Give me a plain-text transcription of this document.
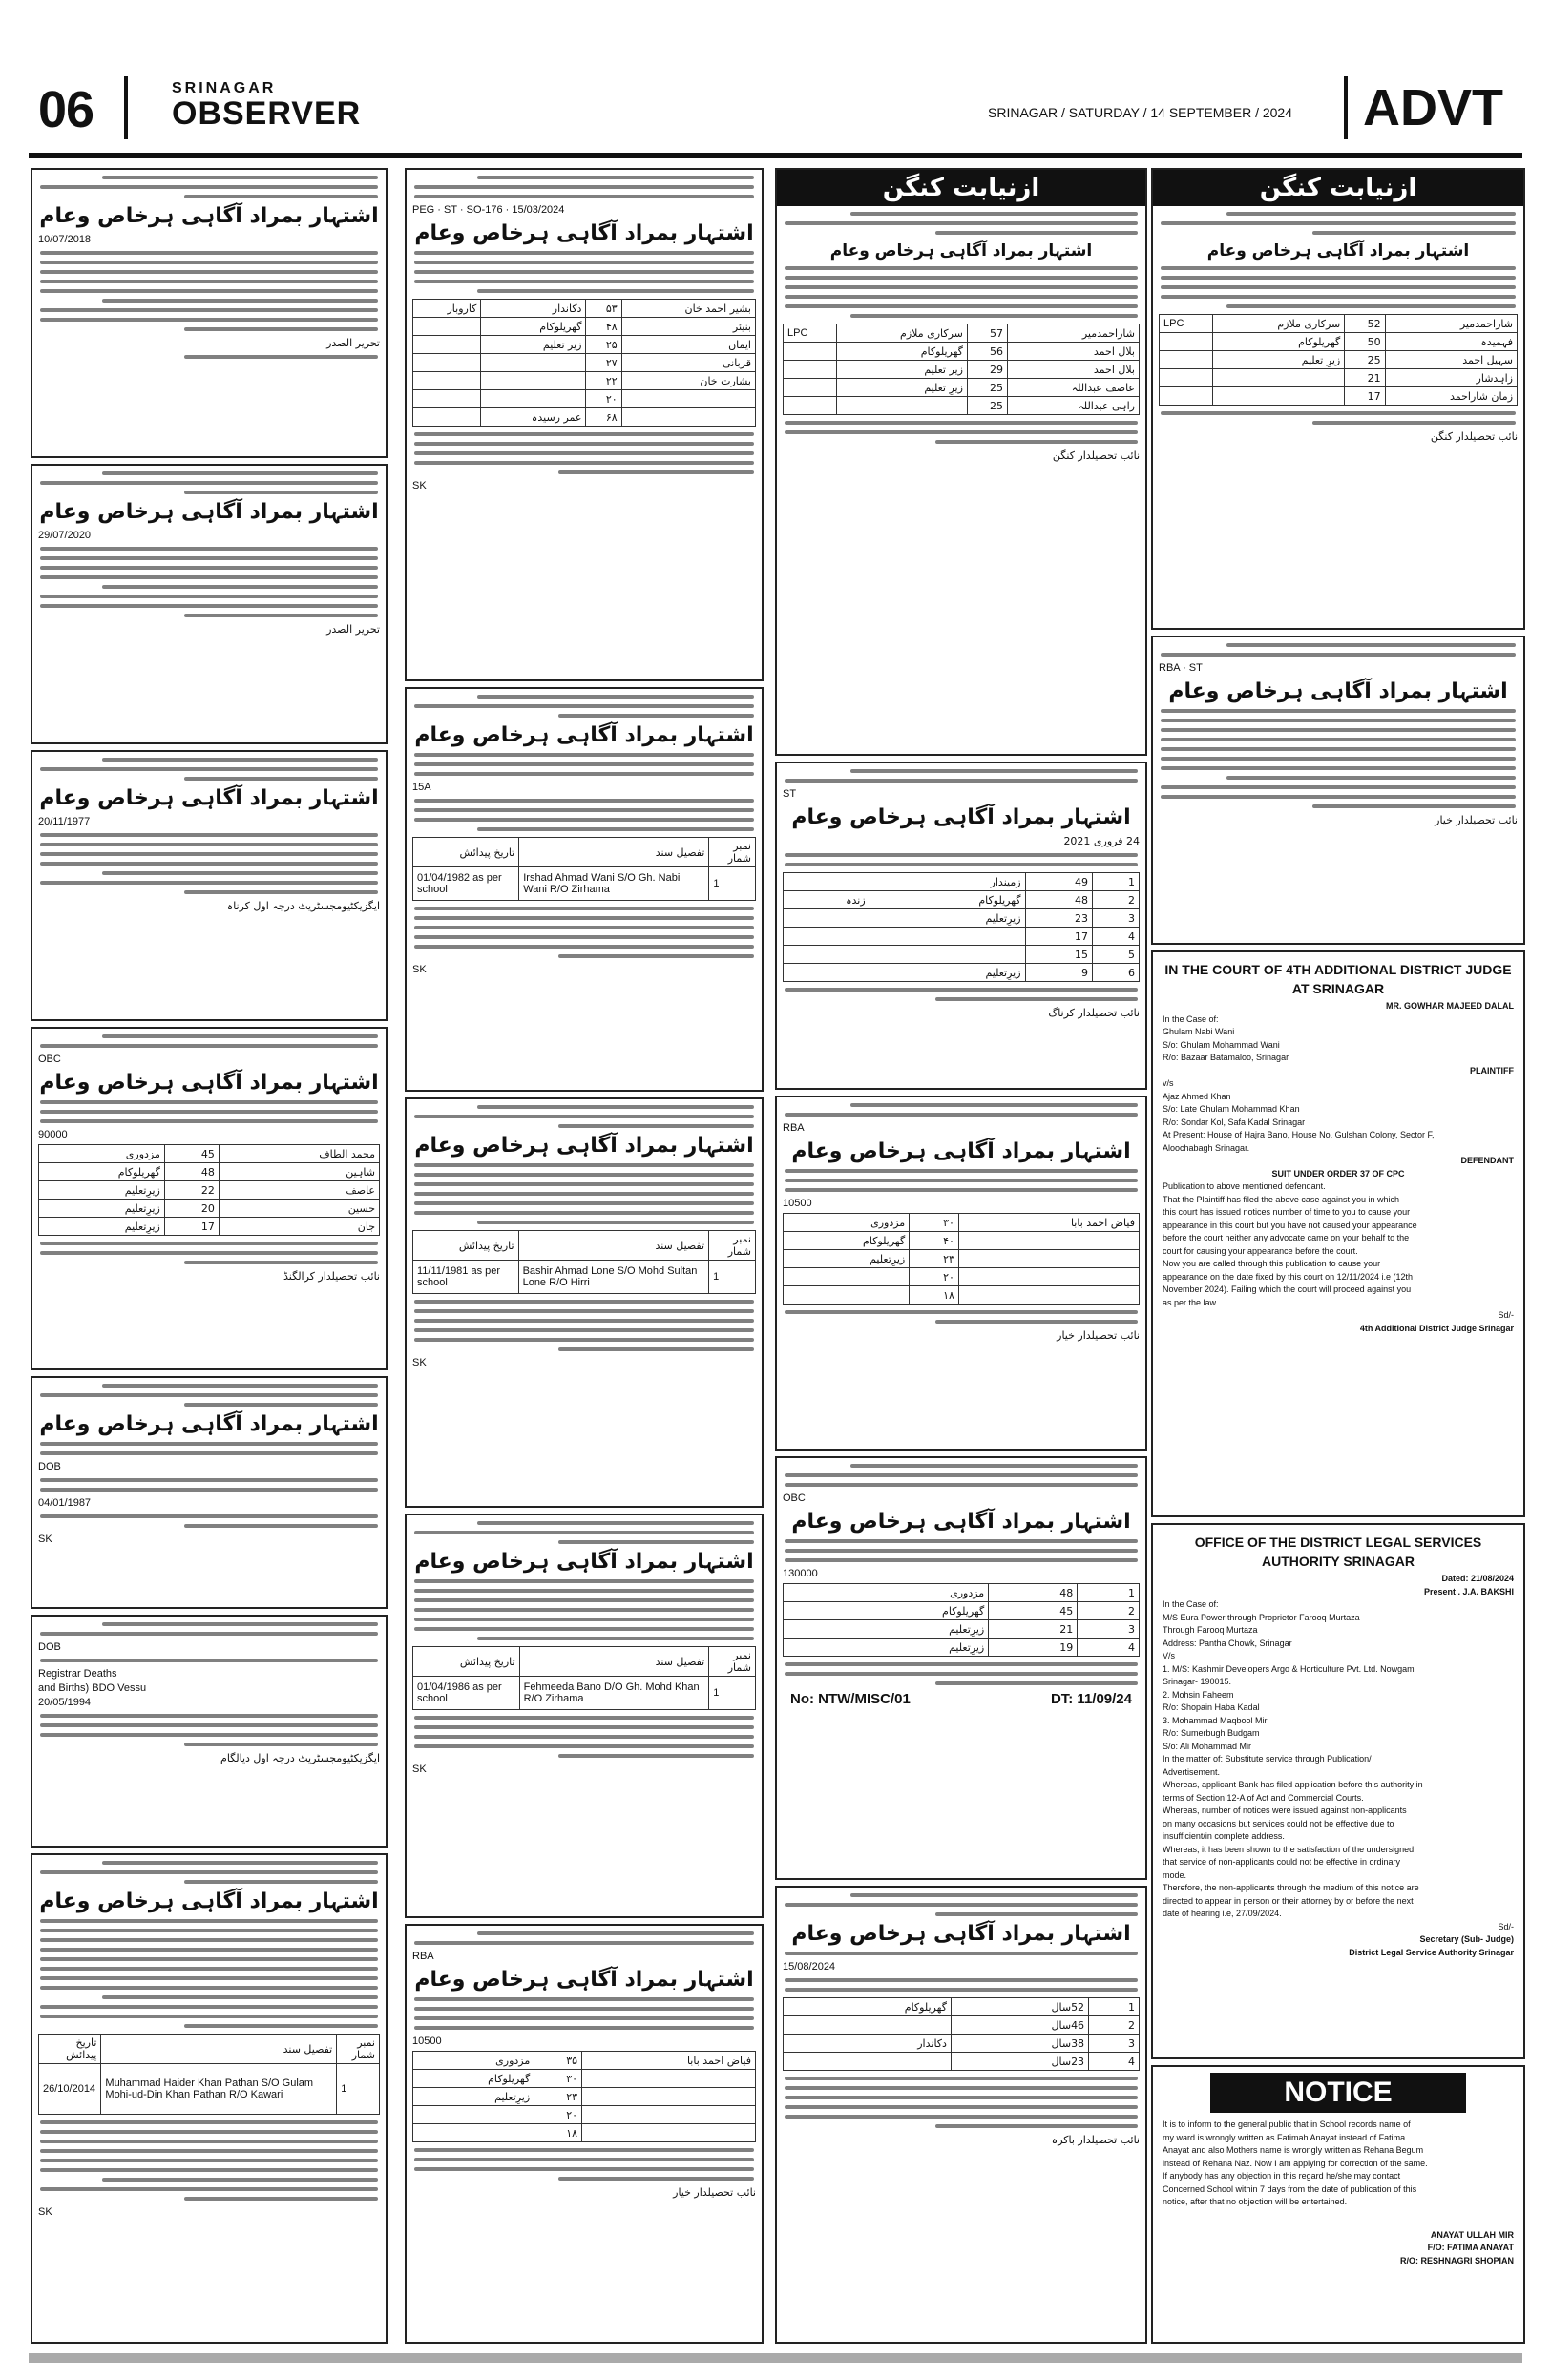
06	SRINAGAR
OBSERVER	SRINAGAR / SATURDAY / 14 SEPTEMBER / 2024 ADVT
اشتہار بمراد آگاہی ہرخاص وعام
10/07/2018
تحریر الصدر
اشتہار بمراد آگاہی ہرخاص وعام
29/07/2020
تحریر الصدر
اشتہار بمراد آگاہی ہرخاص وعام
20/11/1977
ایگزیکٹیومجسٹریٹ درجہ اول کرناہ
OBC
اشتہار بمراد آگاہی ہرخاص وعام
90000
محمد الطاف	45	مزدوری
شاہین	48	گھریلوکام
عاصف	22	زیرِتعلیم
حسین	20	زیرِتعلیم
جان	17	زیرِتعلیم
نائب تحصیلدار کرالگنڈ
اشتہار بمراد آگاہی ہرخاص وعام
DOB
04/01/1987
SK
DOB
Registrar Deaths
and Births) BDO Vessu
20/05/1994
ایگزیکٹیومجسٹریٹ درجہ اول دیالگام
اشتہار بمراد آگاہی ہرخاص وعام
تاریخ پیدائش	تفصیل سند	نمبر شمار
26/10/2014	Muhammad Haider Khan Pathan S/O Gulam Mohi-ud-Din Khan Pathan R/O Kawari	1
SK
PEG · ST · SO-176 · 15/03/2024
اشتہار بمراد آگاہی ہرخاص وعام
بشیر احمد خان	۵۳	دکاندار	کاروبار
بنیئر	۴۸	گھریلوکام	
ایمان	۲۵	زیر تعلیم	
قربانی	۲۷		
بشارت خان	۲۲		
	۲۰		
	۶۸	عمر رسیدہ	
SK
اشتہار بمراد آگاہی ہرخاص وعام
15A
تاریخ پیدائش	تفصیل سند	نمبر شمار
01/04/1982 as per school	Irshad Ahmad Wani S/O Gh. Nabi Wani R/O Zirhama	1
SK
اشتہار بمراد آگاہی ہرخاص وعام
تاریخ پیدائش	تفصیل سند	نمبر شمار
11/11/1981 as per school	Bashir Ahmad Lone S/O Mohd Sultan Lone R/O Hirri	1
SK
اشتہار بمراد آگاہی ہرخاص وعام
تاریخ پیدائش	تفصیل سند	نمبر شمار
01/04/1986 as per school	Fehmeeda Bano D/O Gh. Mohd Khan R/O Zirhama	1
SK
RBA
اشتہار بمراد آگاہی ہرخاص وعام
10500
فیاض احمد بابا	۳۵	مزدوری
	۳۰	گھریلوکام
	۲۳	زیرِتعلیم
	۲۰	
	۱۸	
نائب تحصیلدار خیار
ازنیابت کنگن
اشتہار بمراد آگاہی ہرخاص وعام
شاراحمدمیر	57	سرکاری ملازم	LPC
بلال احمد	56	گھریلوکام	
بلال احمد	29	زیر تعلیم	
عاصف عبداللہ	25	زیرِ تعلیم	
راہی عبداللہ	25		
نائب تحصیلدار کنگن
ST
اشتہار بمراد آگاہی ہرخاص وعام
24 فروری 2021
1	49	زمیندار	
2	48	گھریلوکام	زندہ
3	23	زیرِتعلیم	
4	17		
5	15		
6	9	زیرِتعلیم	
نائب تحصیلدار کرناگ
RBA
اشتہار بمراد آگاہی ہرخاص وعام
10500
فیاض احمد بابا	۳۰	مزدوری
	۴۰	گھریلوکام
	۲۳	زیرِتعلیم
	۲۰	
	۱۸	
نائب تحصیلدار خیار
OBC
اشتہار بمراد آگاہی ہرخاص وعام
130000
1	48	مزدوری
2	45	گھریلوکام
3	21	زیرِتعلیم
4	19	زیرِتعلیم
No: NTW/MISC/01	DT: 11/09/24
اشتہار بمراد آگاہی ہرخاص وعام
15/08/2024
1	52سال	گھریلوکام
2	46سال	
3	38سال	دکاندار
4	23سال	
نائب تحصیلدار باکرہ
ازنیابت کنگن
اشتہار بمراد آگاہی ہرخاص وعام
شاراحمدمیر	52	سرکاری ملازم	LPC
فہمیدہ	50	گھریلوکام	
سہیل احمد	25	زیرِ تعلیم	
زاہدشار	21		
زمان شاراحمد	17		
نائب تحصیلدار کنگن
RBA · ST
اشتہار بمراد آگاہی ہرخاص وعام
نائب تحصیلدار خیار
IN THE COURT OF 4TH ADDITIONAL DISTRICT JUDGE AT SRINAGAR
MR. GOWHAR MAJEED DALAL
In the Case of:
Ghulam Nabi Wani
S/o: Ghulam Mohammad Wani
R/o: Bazaar Batamaloo, Srinagar
PLAINTIFF
v/s
Ajaz Ahmed Khan
S/o: Late Ghulam Mohammad Khan
R/o: Sondar Kol, Safa Kadal Srinagar
At Present: House of Hajra Bano, House No. Gulshan Colony, Sector F,
Aloochabagh Srinagar.
DEFENDANT
SUIT UNDER ORDER 37 OF CPC
Publication to above mentioned defendant.
That the Plaintiff has filed the above case against you in which
this court has issued notices number of time to you to cause your
appearance in this court but you have not caused your appearance
before the court neither any advocate came on your behalf to the
court for causing your appearance before the court.
Now you are called through this publication to cause your
appearance on the date fixed by this court on 12/11/2024 i.e (12th
November 2024). Failing which the court will proceed against you
as per the law.
Sd/-
4th Additional District Judge Srinagar
OFFICE OF THE DISTRICT LEGAL SERVICES AUTHORITY SRINAGAR
Dated: 21/08/2024
Present . J.A. BAKSHI
In the Case of:
M/S Eura Power through Proprietor Farooq Murtaza
Through Farooq Murtaza
Address: Pantha Chowk, Srinagar
V/s
1. M/S: Kashmir Developers Argo & Horticulture Pvt. Ltd. Nowgam
Srinagar- 190015.
2. Mohsin Faheem
R/o: Shopain Haba Kadal
3. Mohammad Maqbool Mir
R/o: Sumerbugh Budgam
S/o: Ali Mohammad Mir
In the matter of: Substitute service through Publication/
Advertisement.
Whereas, applicant Bank has filed application before this authority in
terms of Section 12-A of Act and Commercial Courts.
Whereas, number of notices were issued against non-applicants
on many occasions but services could not be effective due to
insufficient/in complete address.
Whereas, it has been shown to the satisfaction of the undersigned
that service of non-applicants could not be effective in ordinary
mode.
Therefore, the non-applicants through the medium of this notice are
directed to appear in person or their attorney by or before the next
date of hearing i.e, 27/09/2024.
Sd/-
Secretary (Sub- Judge)
District Legal Service Authority Srinagar
NOTICE
It is to inform to the general public that in School records name of
my ward is wrongly written as Fatimah Anayat instead of Fatima
Anayat and also Mothers name is wrongly written as Rehana Begum
instead of Rehana Naz. Now I am applying for correction of the same.
If anybody has any objection in this regard he/she may contact
Concerned School within 7 days from the date of publication of this
notice, after that no objection will be entertained.
ANAYAT ULLAH MIR
F/O: FATIMA ANAYAT
R/O: RESHNAGRI SHOPIAN
